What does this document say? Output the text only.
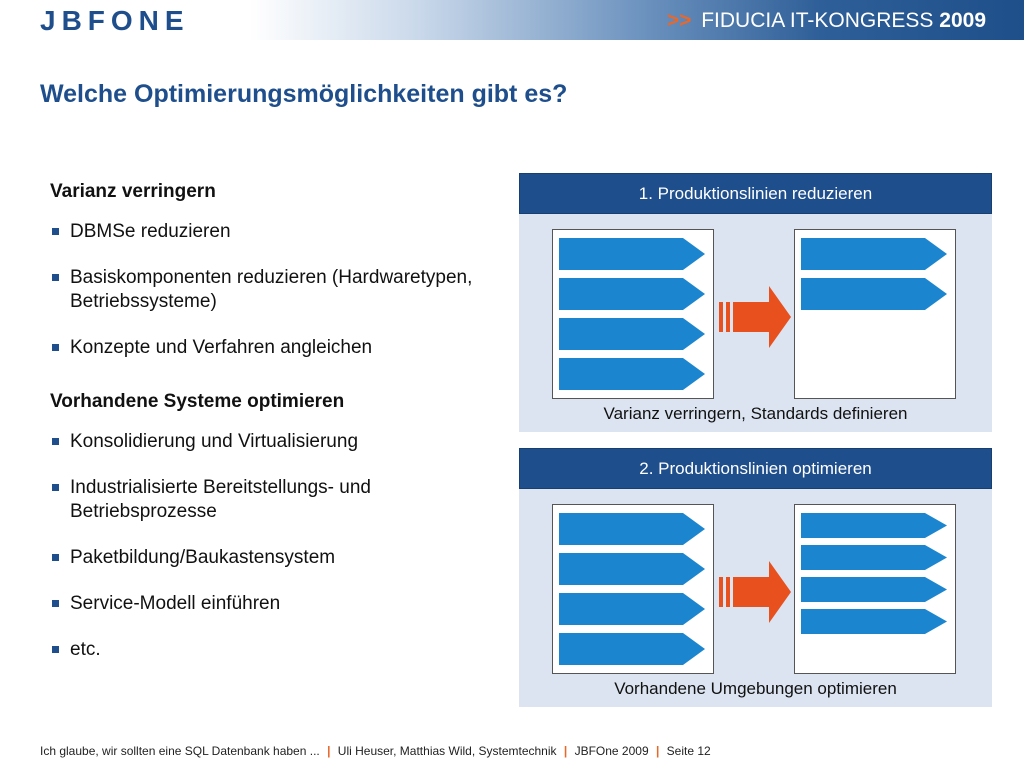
JBFONE	>> FIDUCIA IT-KONGRESS 2009
Welche Optimierungsmöglichkeiten gibt es?
Varianz verringern
DBMSe reduzieren
Basiskomponenten reduzieren (Hardwaretypen, Betriebssysteme)
Konzepte und Verfahren angleichen
Vorhandene Systeme optimieren
Konsolidierung und Virtualisierung
Industrialisierte Bereitstellungs- und Betriebsprozesse
Paketbildung/Baukastensystem
Service-Modell einführen
etc.
1. Produktionslinien reduzieren
Varianz verringern, Standards definieren
2. Produktionslinien optimieren
Vorhandene Umgebungen optimieren
Ich glaube, wir sollten eine SQL Datenbank haben ... | Uli Heuser, Matthias Wild, Systemtechnik | JBFOne 2009 | Seite 12
